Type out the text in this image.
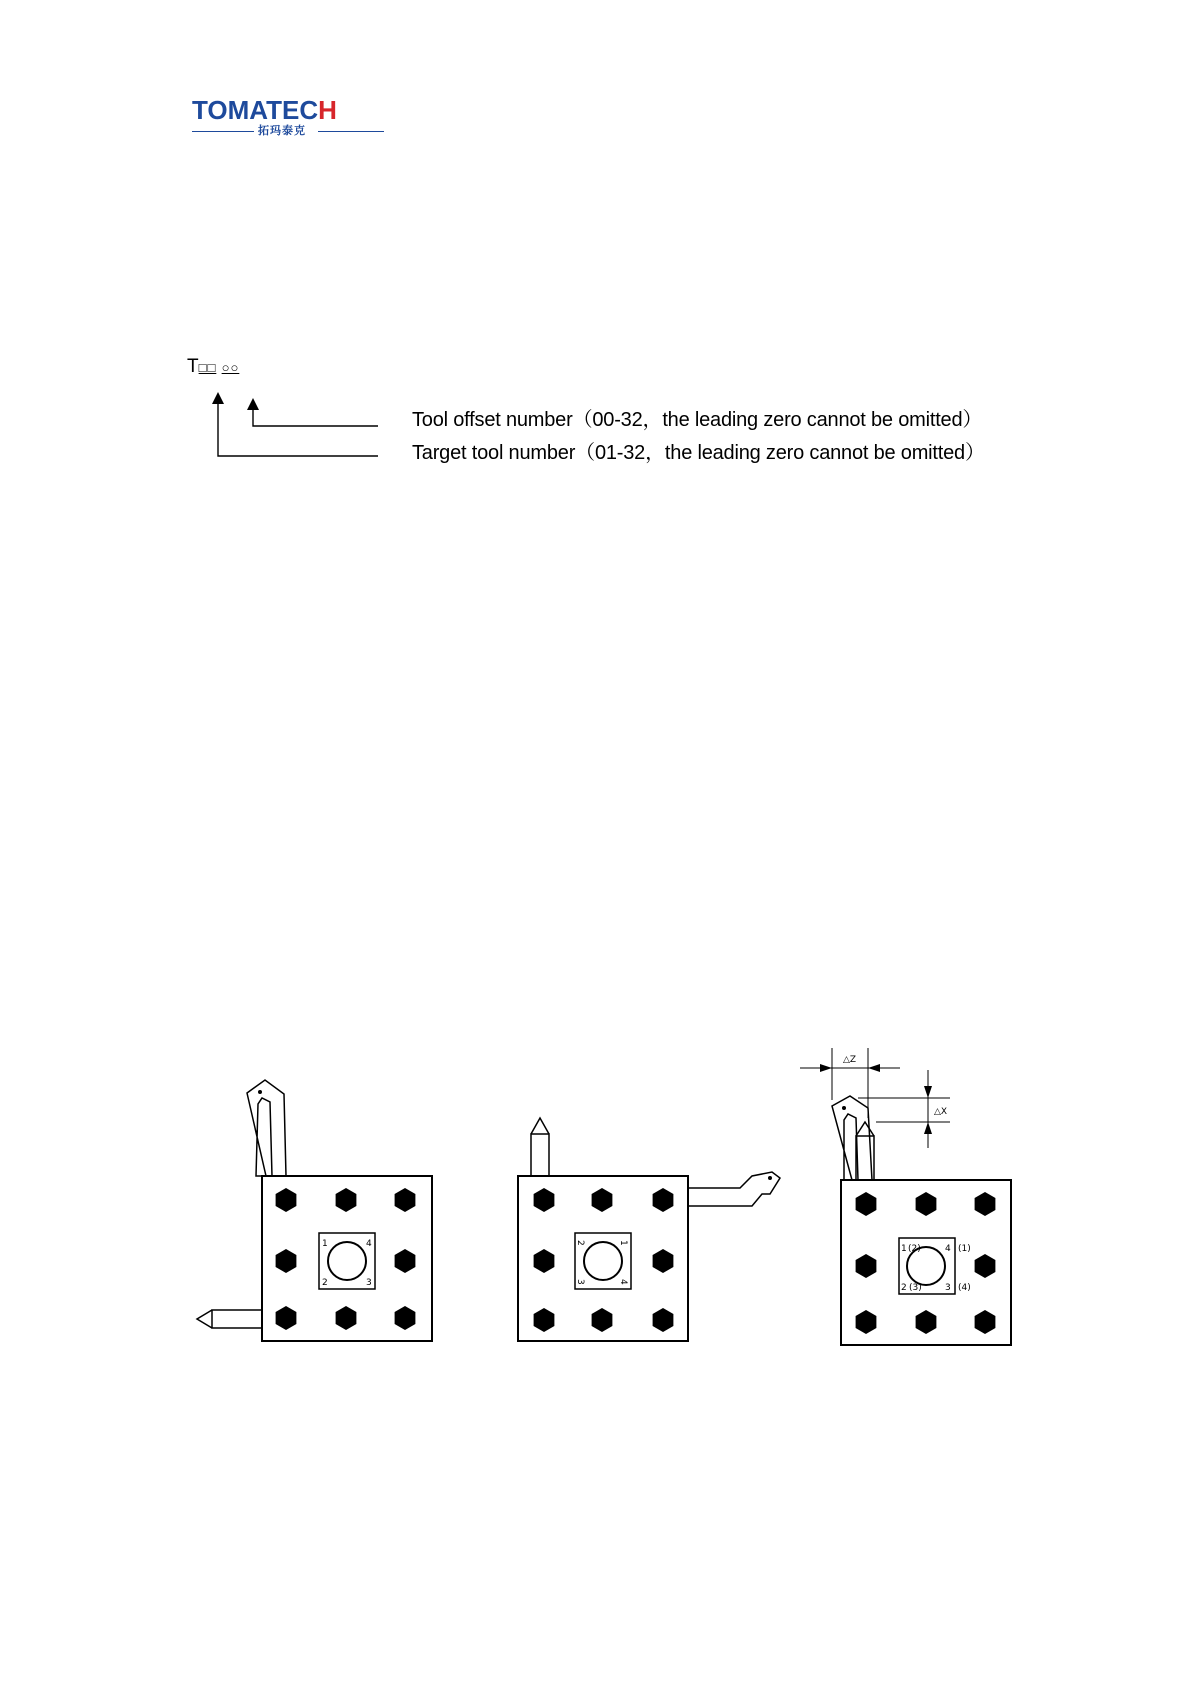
TOMATECH
拓玛泰克
T□□ ○○
Tool offset number（00-32，the leading zero cannot be omitted）
Target tool number（01-32，the leading zero cannot be omitted）
1	4
2	3
2	1
3	4
△Z
△X
1 (2)	4 (1)
2 (3)	3 (4)
